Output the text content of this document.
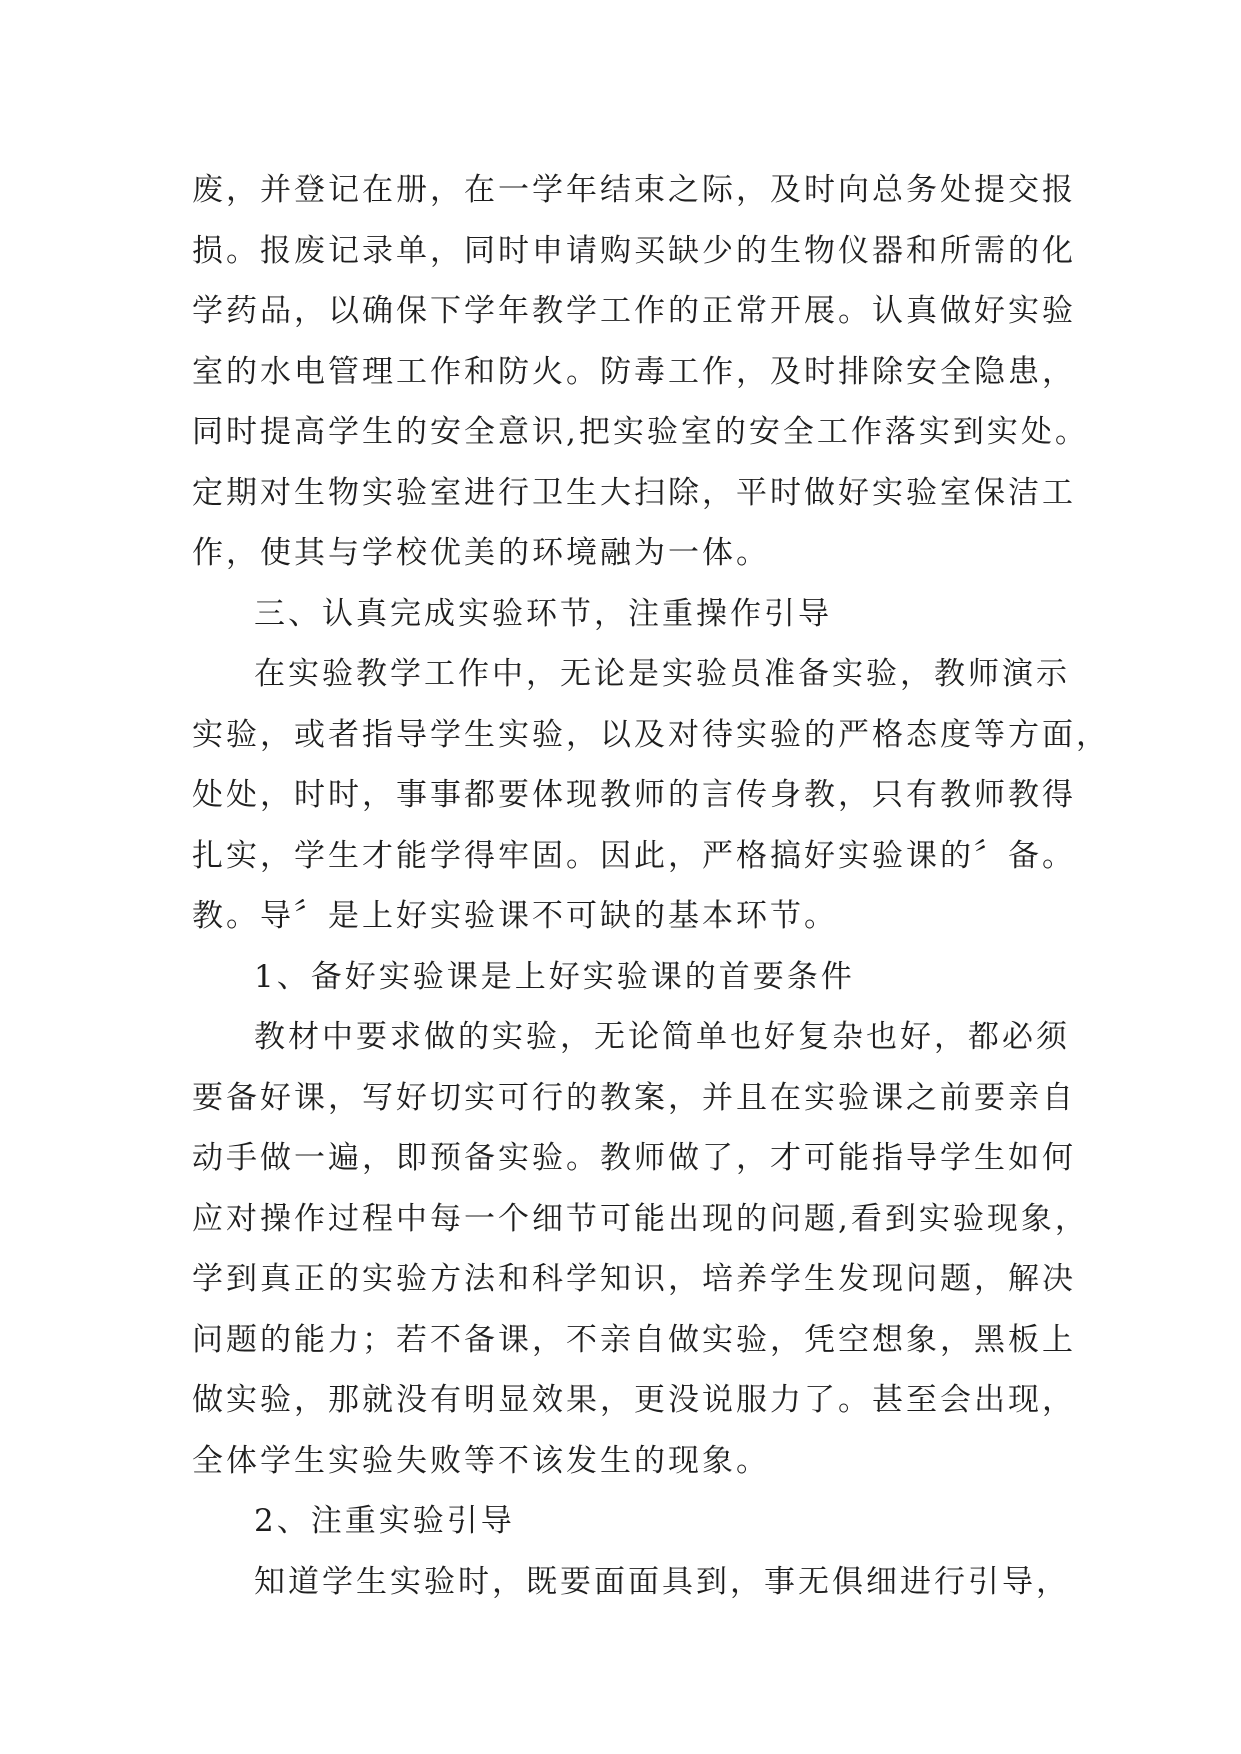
废，并登记在册，在一学年结束之际，及时向总务处提交报
损。报废记录单，同时申请购买缺少的生物仪器和所需的化
学药品，以确保下学年教学工作的正常开展。认真做好实验
室的水电管理工作和防火。防毒工作，及时排除安全隐患，
同时提高学生的安全意识,把实验室的安全工作落实到实处。
定期对生物实验室进行卫生大扫除，平时做好实验室保洁工
作，使其与学校优美的环境融为一体。
三、认真完成实验环节，注重操作引导
在实验教学工作中，无论是实验员准备实验，教师演示
实验，或者指导学生实验，以及对待实验的严格态度等方面，
处处，时时，事事都要体现教师的言传身教，只有教师教得
扎实，学生才能学得牢固。因此，严格搞好实验课的〞备。
教。导〞是上好实验课不可缺的基本环节。
1、备好实验课是上好实验课的首要条件
教材中要求做的实验，无论简单也好复杂也好，都必须
要备好课，写好切实可行的教案，并且在实验课之前要亲自
动手做一遍，即预备实验。教师做了，才可能指导学生如何
应对操作过程中每一个细节可能出现的问题,看到实验现象，
学到真正的实验方法和科学知识，培养学生发现问题，解决
问题的能力；若不备课，不亲自做实验，凭空想象，黑板上
做实验，那就没有明显效果，更没说服力了。甚至会出现，
全体学生实验失败等不该发生的现象。
2、注重实验引导
知道学生实验时，既要面面具到，事无俱细进行引导，
